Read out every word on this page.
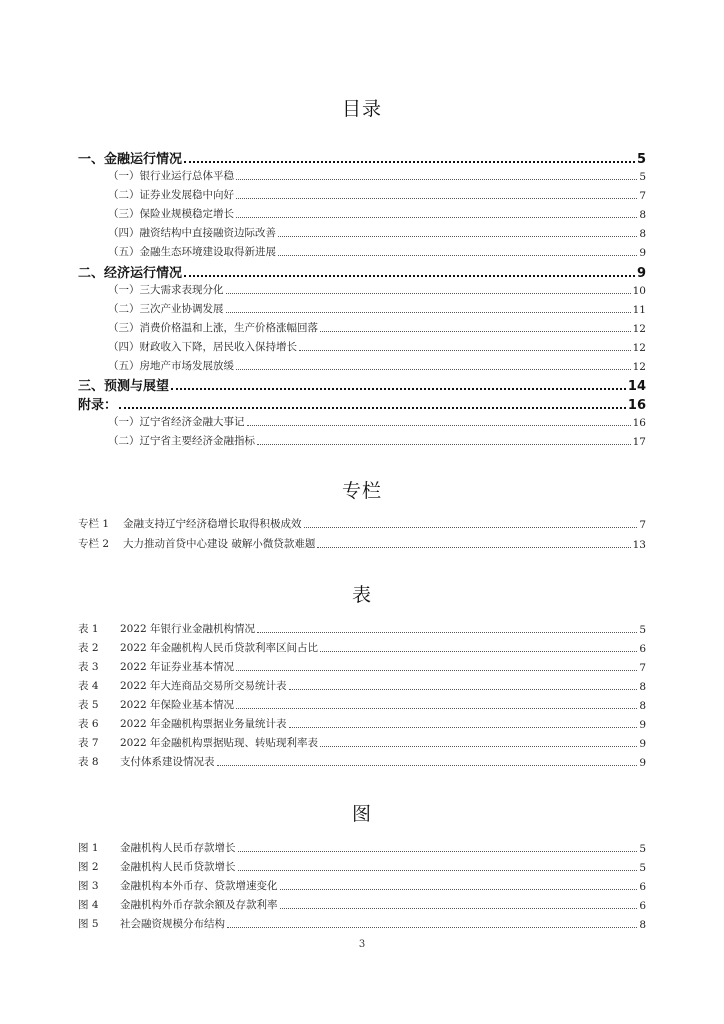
目录
一、金融运行情况	5
（一）银行业运行总体平稳	5
（二）证券业发展稳中向好	7
（三）保险业规模稳定增长	8
（四）融资结构中直接融资边际改善	8
（五）金融生态环境建设取得新进展	9
二、经济运行情况	9
（一）三大需求表现分化	10
（二）三次产业协调发展	11
（三）消费价格温和上涨，生产价格涨幅回落	12
（四）财政收入下降，居民收入保持增长	12
（五）房地产市场发展放缓	12
三、预测与展望	14
附录：	16
（一）辽宁省经济金融大事记	16
（二）辽宁省主要经济金融指标	17
专栏
专栏 1	金融支持辽宁经济稳增长取得积极成效	7
专栏 2	大力推动首贷中心建设 破解小微贷款难题	13
表
表 1	2022 年银行业金融机构情况	5
表 2	2022 年金融机构人民币贷款利率区间占比	6
表 3	2022 年证券业基本情况	7
表 4	2022 年大连商品交易所交易统计表	8
表 5	2022 年保险业基本情况	8
表 6	2022 年金融机构票据业务量统计表	9
表 7	2022 年金融机构票据贴现、转贴现利率表	9
表 8	支付体系建设情况表	9
图
图 1	金融机构人民币存款增长	5
图 2	金融机构人民币贷款增长	5
图 3	金融机构本外币存、贷款增速变化	6
图 4	金融机构外币存款余额及存款利率	6
图 5	社会融资规模分布结构	8
3
